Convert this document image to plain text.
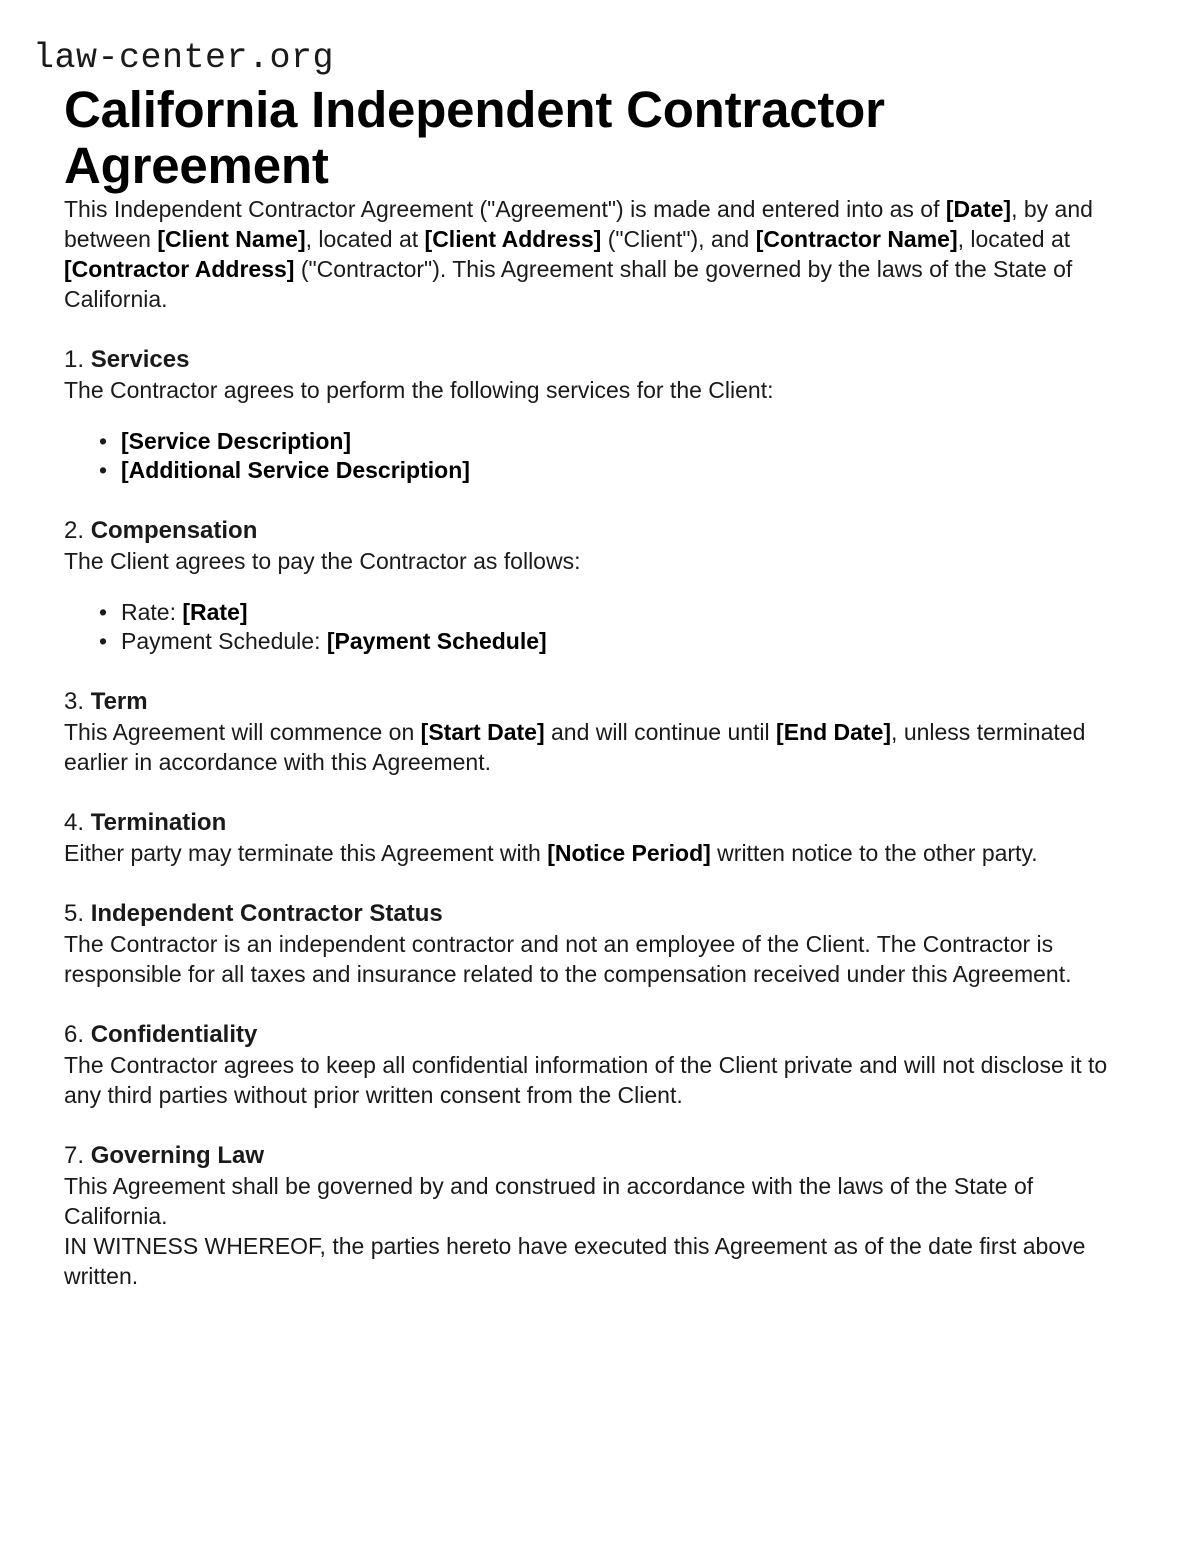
law-center.org
California Independent Contractor Agreement

This Independent Contractor Agreement ("Agreement") is made and entered into as of [Date], by and between [Client Name], located at [Client Address] ("Client"), and [Contractor Name], located at [Contractor Address] ("Contractor"). This Agreement shall be governed by the laws of the State of California.

1. Services

The Contractor agrees to perform the following services for the Client:

• [Service Description]
• [Additional Service Description]
2. Compensation

The Client agrees to pay the Contractor as follows:

• Rate: [Rate]
• Payment Schedule: [Payment Schedule]
3. Term

This Agreement will commence on [Start Date] and will continue until [End Date], unless terminated earlier in accordance with this Agreement.

4. Termination

Either party may terminate this Agreement with [Notice Period] written notice to the other party.

5. Independent Contractor Status

The Contractor is an independent contractor and not an employee of the Client. The Contractor is responsible for all taxes and insurance related to the compensation received under this Agreement.

6. Confidentiality

The Contractor agrees to keep all confidential information of the Client private and will not disclose it to any third parties without prior written consent from the Client.

7. Governing Law

This Agreement shall be governed by and construed in accordance with the laws of the State of California.

IN WITNESS WHEREOF, the parties hereto have executed this Agreement as of the date first above written.
